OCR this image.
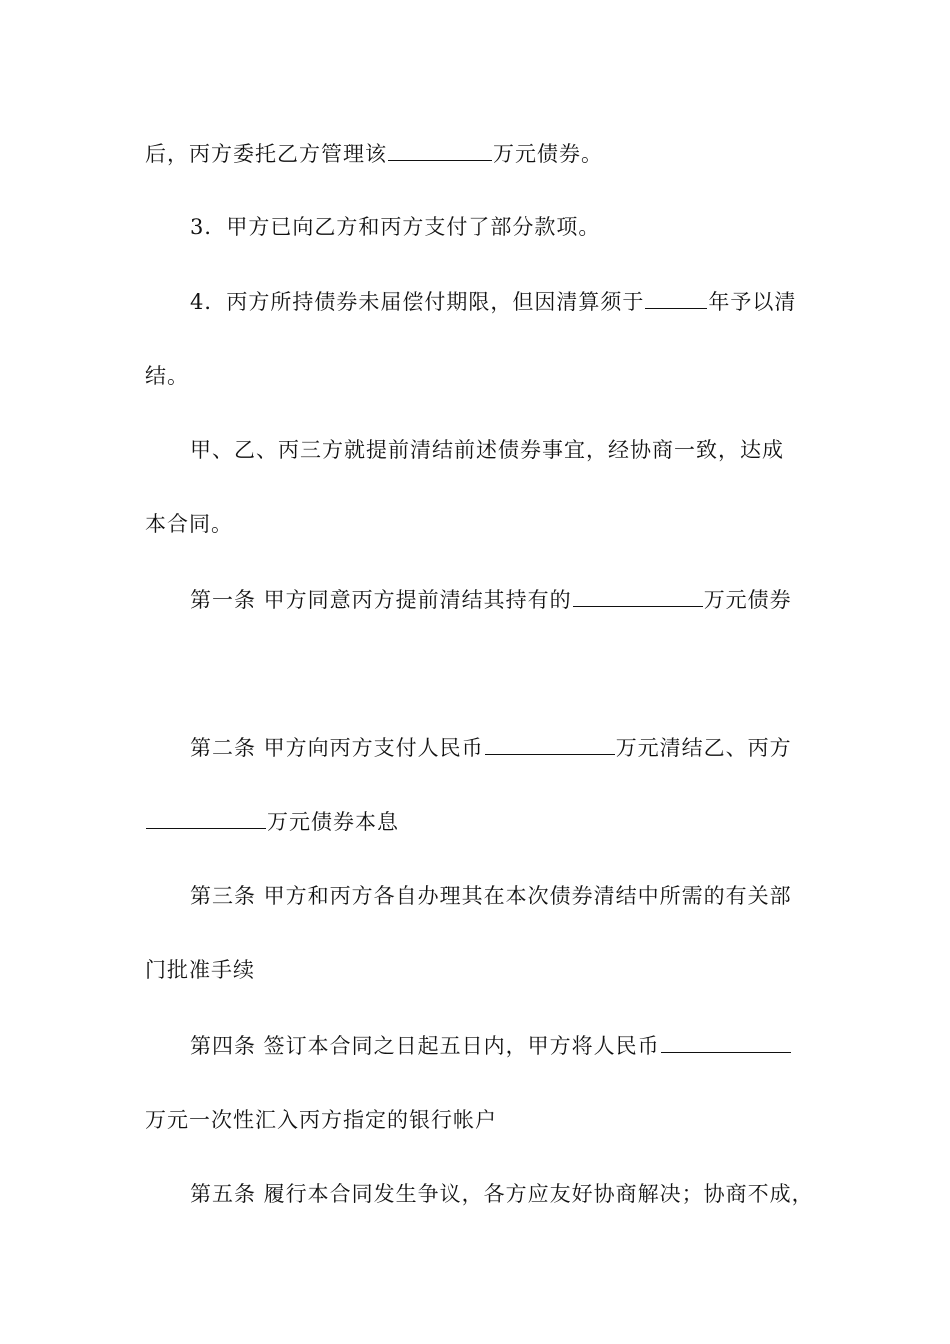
后，丙方委托乙方管理该	万元债券。
3．甲方已向乙方和丙方支付了部分款项。
4．丙方所持债券未届偿付期限，但因清算须于	年予以清
结。
甲、乙、丙三方就提前清结前述债券事宜，经协商一致，达成
本合同。
第一条 甲方同意丙方提前清结其持有的	万元债券
第二条 甲方向丙方支付人民币	万元清结乙、丙方
万元债券本息
第三条 甲方和丙方各自办理其在本次债券清结中所需的有关部
门批准手续
第四条 签订本合同之日起五日内，甲方将人民币
万元一次性汇入丙方指定的银行帐户
第五条 履行本合同发生争议，各方应友好协商解决；协商不成，
